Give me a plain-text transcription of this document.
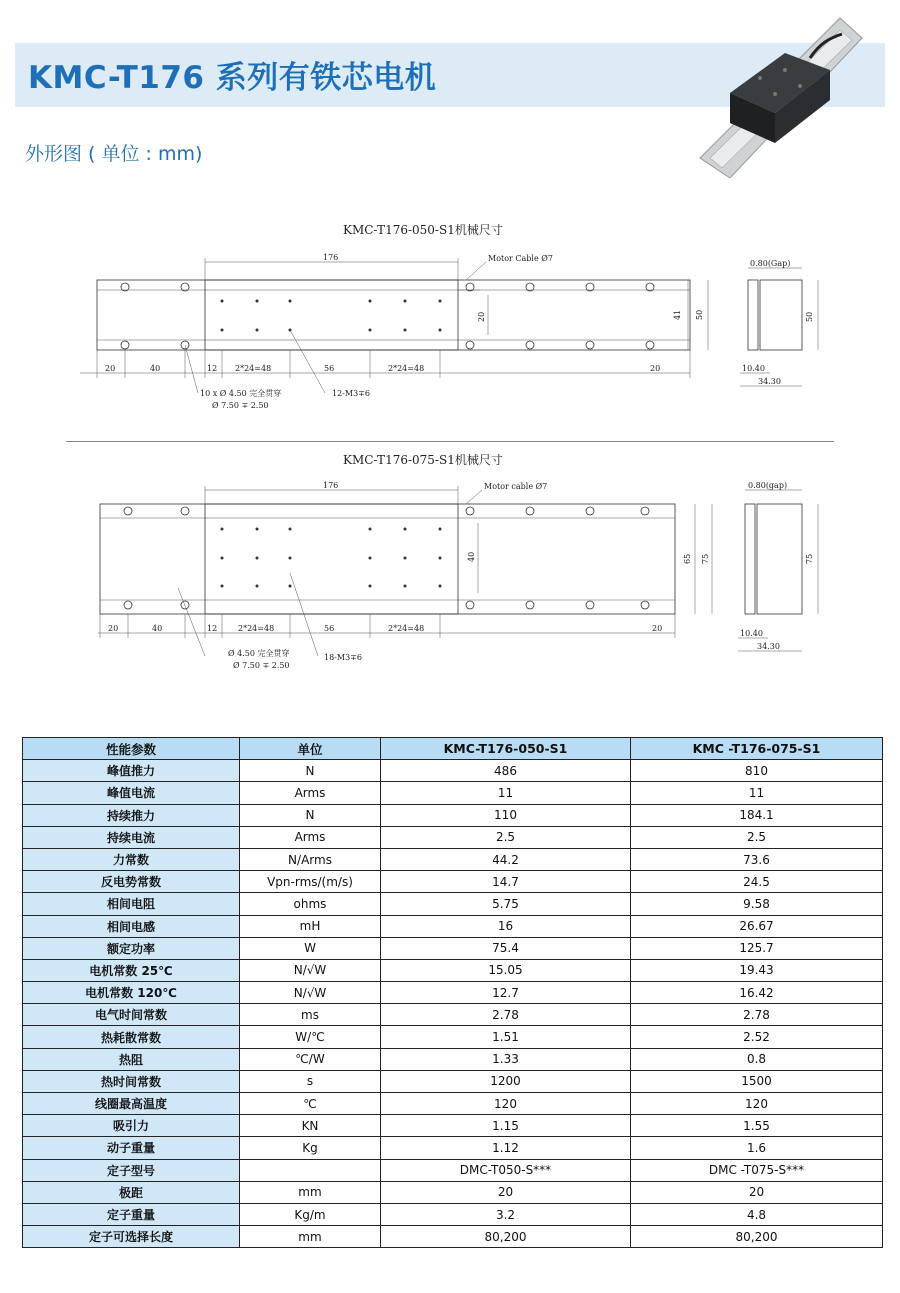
KMC-T176 系列有铁芯电机
外形图 ( 单位 : mm)
KMC-T176-050-S1机械尺寸
176	Motor Cable Ø7
20	40	12 2*24=48	56	2*24=48	20
41 50
20
10 x Ø 4.50 完全贯穿
Ø 7.50 ∓ 2.50
12-M3∓6
0.80(Gap)
50
10.40
34.30
KMC-T176-075-S1机械尺寸
176	Motor cable Ø7
20	40	12	2*24=48	56	2*24=48	20
65 75
40
Ø 4.50 完全贯穿
Ø 7.50 ∓ 2.50
18-M3∓6
0.80(gap)
75
10.40
34.30
性能参数	单位	KMC-T176-050-S1	KMC -T176-075-S1
峰值推力	N	486	810
峰值电流	Arms	11	11
持续推力	N	110	184.1
持续电流	Arms	2.5	2.5
力常数	N/Arms	44.2	73.6
反电势常数	Vpn-rms/(m/s)	14.7	24.5
相间电阻	ohms	5.75	9.58
相间电感	mH	16	26.67
额定功率	W	75.4	125.7
电机常数 25℃	N/√W	15.05	19.43
电机常数 120℃	N/√W	12.7	16.42
电气时间常数	ms	2.78	2.78
热耗散常数	W/℃	1.51	2.52
热阻	℃/W	1.33	0.8
热时间常数	s	1200	1500
线圈最高温度	℃	120	120
吸引力	KN	1.15	1.55
动子重量	Kg	1.12	1.6
定子型号		DMC-T050-S***	DMC -T075-S***
极距	mm	20	20
定子重量	Kg/m	3.2	4.8
定子可选择长度	mm	80,200	80,200
